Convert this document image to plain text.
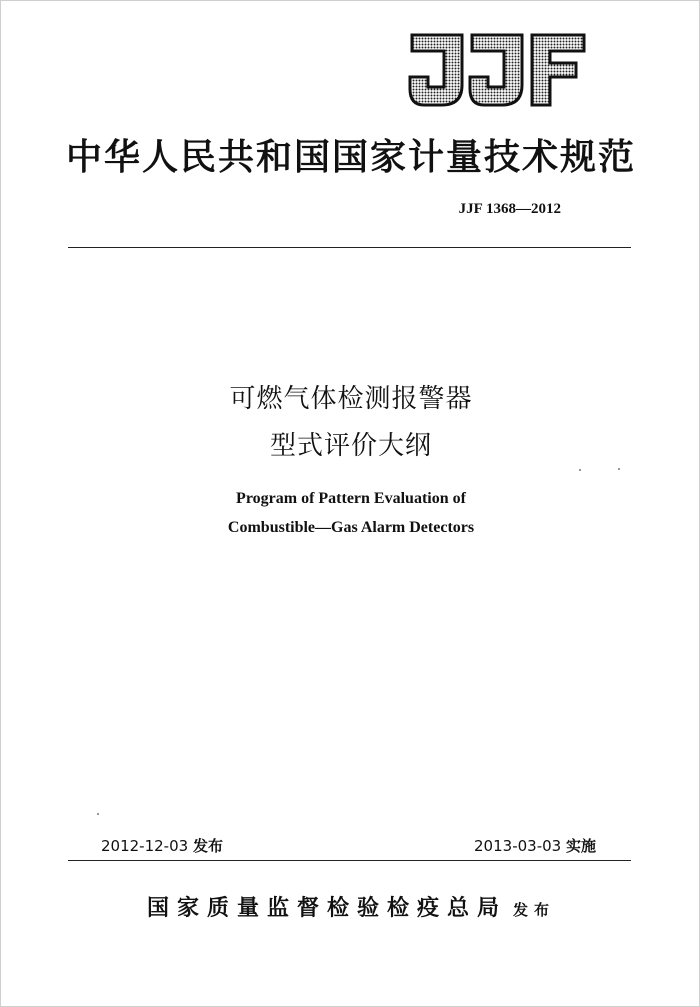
中华人民共和国国家计量技术规范
JJF 1368—2012
可燃气体检测报警器
型式评价大纲
Program of Pattern Evaluation of
Combustible—Gas Alarm Detectors
2012-12-03 发布	2013-03-03 实施
国家质量监督检验检疫总局 发布
